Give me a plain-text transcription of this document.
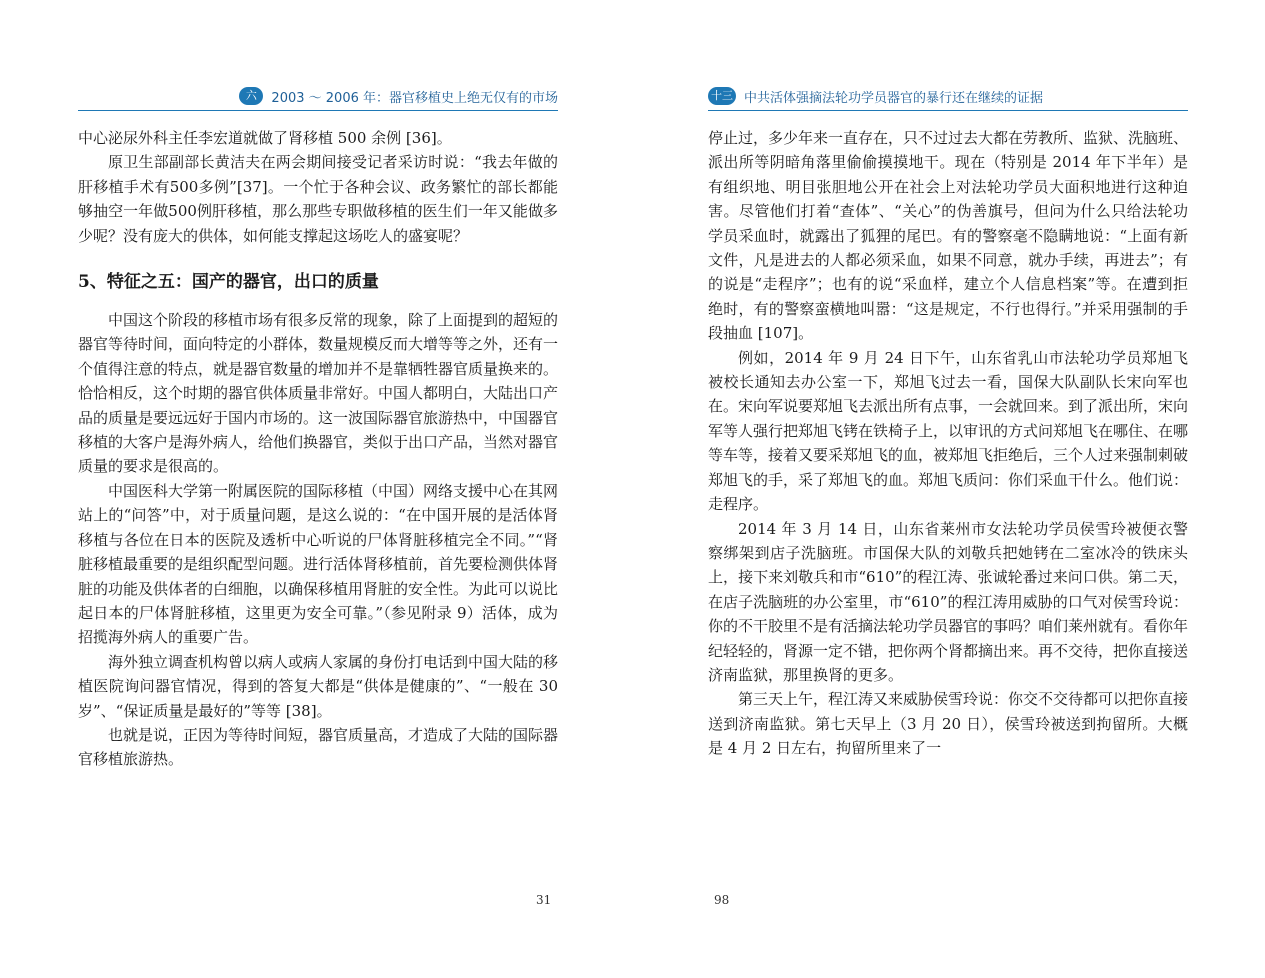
六	2003 ～ 2006 年：器官移植史上绝无仅有的市场

中心泌尿外科主任李宏道就做了肾移植 500 余例 [36]。

原卫生部副部长黄洁夫在两会期间接受记者采访时说：“我去年做的肝移植手术有500多例”[37]。一个忙于各种会议、政务繁忙的部长都能够抽空一年做500例肝移植，那么那些专职做移植的医生们一年又能做多少呢？没有庞大的供体，如何能支撑起这场吃人的盛宴呢？

5、特征之五：国产的器官，出口的质量

中国这个阶段的移植市场有很多反常的现象，除了上面提到的超短的器官等待时间，面向特定的小群体，数量规模反而大增等等之外，还有一个值得注意的特点，就是器官数量的增加并不是靠牺牲器官质量换来的。恰恰相反，这个时期的器官供体质量非常好。中国人都明白，大陆出口产品的质量是要远远好于国内市场的。这一波国际器官旅游热中，中国器官移植的大客户是海外病人，给他们换器官，类似于出口产品，当然对器官质量的要求是很高的。

中国医科大学第一附属医院的国际移植（中国）网络支援中心在其网站上的“问答”中，对于质量问题，是这么说的：“在中国开展的是活体肾移植与各位在日本的医院及透析中心听说的尸体肾脏移植完全不同。”“肾脏移植最重要的是组织配型问题。进行活体肾移植前，首先要检测供体肾脏的功能及供体者的白细胞，以确保移植用肾脏的安全性。为此可以说比起日本的尸体肾脏移植，这里更为安全可靠。”（参见附录 9）活体，成为招揽海外病人的重要广告。

海外独立调查机构曾以病人或病人家属的身份打电话到中国大陆的移植医院询问器官情况，得到的答复大都是“供体是健康的”、“一般在 30 岁”、“保证质量是最好的”等等 [38]。

也就是说，正因为等待时间短，器官质量高，才造成了大陆的国际器官移植旅游热。

31
十三 中共活体强摘法轮功学员器官的暴行还在继续的证据

停止过，多少年来一直存在，只不过过去大都在劳教所、监狱、洗脑班、派出所等阴暗角落里偷偷摸摸地干。现在（特别是 2014 年下半年）是有组织地、明目张胆地公开在社会上对法轮功学员大面积地进行这种迫害。尽管他们打着“查体”、“关心”的伪善旗号，但问为什么只给法轮功学员采血时，就露出了狐狸的尾巴。有的警察毫不隐瞒地说：“上面有新文件，凡是进去的人都必须采血，如果不同意，就办手续，再进去”；有的说是“走程序”；也有的说“采血样，建立个人信息档案”等。在遭到拒绝时，有的警察蛮横地叫嚣：“这是规定，不行也得行。”并采用强制的手段抽血 [107]。

例如，2014 年 9 月 24 日下午，山东省乳山市法轮功学员郑旭飞被校长通知去办公室一下，郑旭飞过去一看，国保大队副队长宋向军也在。宋向军说要郑旭飞去派出所有点事，一会就回来。到了派出所，宋向军等人强行把郑旭飞铐在铁椅子上，以审讯的方式问郑旭飞在哪住、在哪等车等，接着又要采郑旭飞的血，被郑旭飞拒绝后，三个人过来强制刺破郑旭飞的手，采了郑旭飞的血。郑旭飞质问：你们采血干什么。他们说：走程序。

2014 年 3 月 14 日，山东省莱州市女法轮功学员侯雪玲被便衣警察绑架到店子洗脑班。市国保大队的刘敬兵把她铐在二室冰冷的铁床头上，接下来刘敬兵和市“610”的程江涛、张诚轮番过来问口供。第二天，在店子洗脑班的办公室里，市“610”的程江涛用威胁的口气对侯雪玲说：你的不干胶里不是有活摘法轮功学员器官的事吗？咱们莱州就有。看你年纪轻轻的，肾源一定不错，把你两个肾都摘出来。再不交待，把你直接送济南监狱，那里换肾的更多。

第三天上午，程江涛又来威胁侯雪玲说：你交不交待都可以把你直接送到济南监狱。第七天早上（3 月 20 日），侯雪玲被送到拘留所。大概是 4 月 2 日左右，拘留所里来了一

98
